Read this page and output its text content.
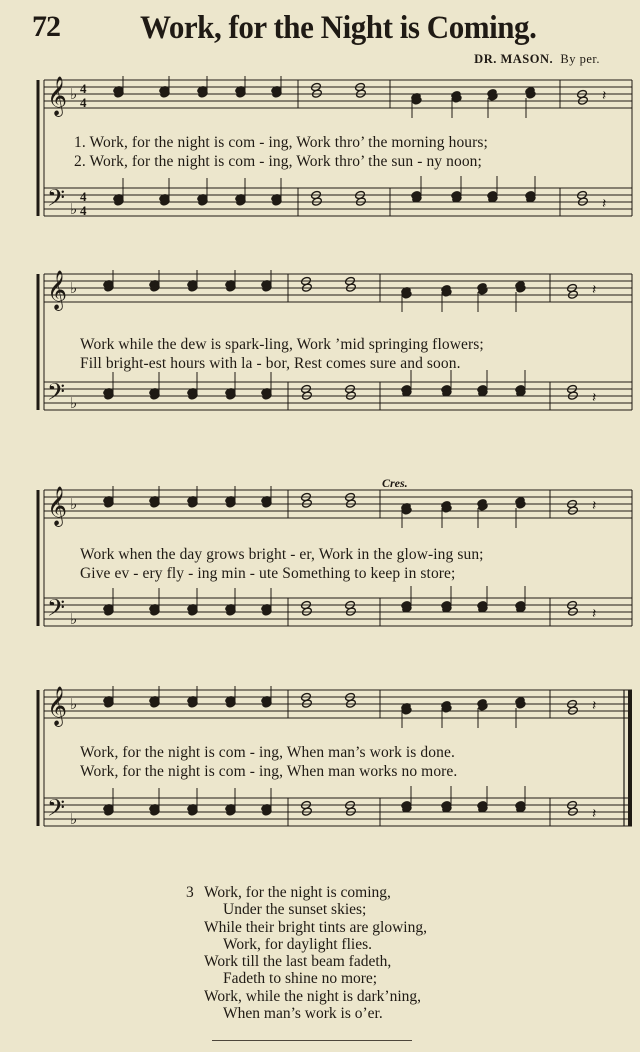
72 Work, for the Night is Coming.
DR. MASON. By per.
𝄞
𝄢
♭
♭
4
4
4
4
𝄽
𝄽
1. Work, for the night is com - ing, Work thro’ the morning hours;
2. Work, for the night is com - ing, Work thro’ the sun - ny noon;
𝄞
𝄢
♭
♭
𝄽
𝄽
Work while the dew is spark-ling, Work ’mid springing flowers;
Fill bright-est hours with la - bor, Rest comes sure and soon.
Cres.
𝄞
𝄢
♭
♭
𝄽
𝄽
Work when the day grows bright - er, Work in the glow-ing sun;
Give ev - ery fly - ing min - ute Something to keep in store;
𝄞
𝄢
♭
♭
𝄽
𝄽
Work, for the night is com - ing, When man’s work is done.
Work, for the night is com - ing, When man works no more.
3 Work, for the night is coming,
Under the sunset skies;
While their bright tints are glowing,
Work, for daylight flies.
Work till the last beam fadeth,
Fadeth to shine no more;
Work, while the night is dark’ning,
When man’s work is o’er.
